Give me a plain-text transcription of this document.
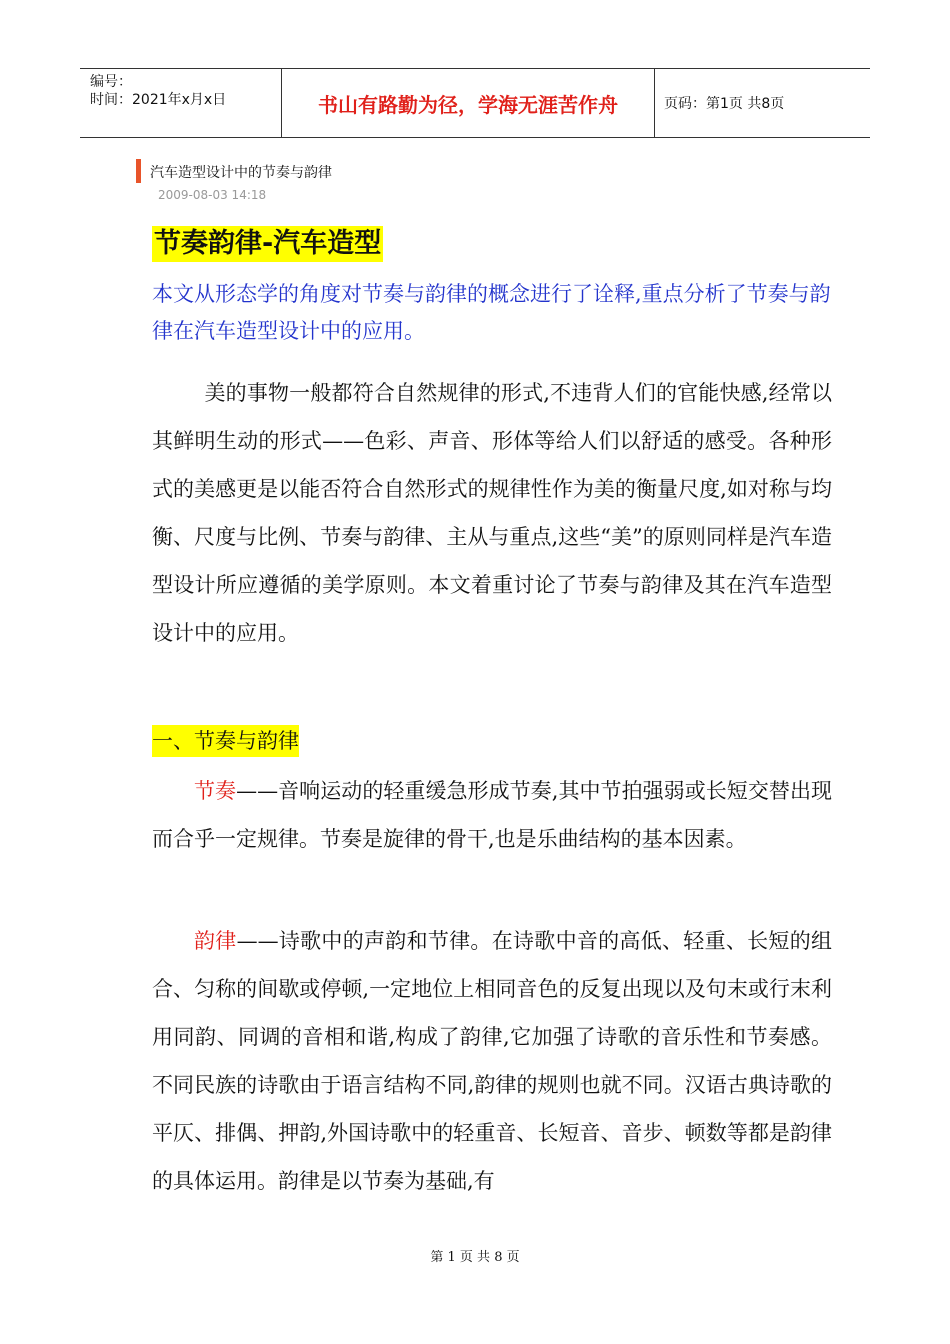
编号：
时间：2021年x月x日	书山有路勤为径，学海无涯苦作舟	页码：第1页 共8页
汽车造型设计中的节奏与韵律
2009-08-03 14:18
节奏韵律-汽车造型
本文从形态学的角度对节奏与韵律的概念进行了诠释,重点分析了节奏与韵律在汽车造型设计中的应用。
美的事物一般都符合自然规律的形式,不违背人们的官能快感,经常以其鲜明生动的形式——色彩、声音、形体等给人们以舒适的感受。各种形式的美感更是以能否符合自然形式的规律性作为美的衡量尺度,如对称与均衡、尺度与比例、节奏与韵律、主从与重点,这些“美”的原则同样是汽车造型设计所应遵循的美学原则。本文着重讨论了节奏与韵律及其在汽车造型设计中的应用。
一、节奏与韵律
节奏——音响运动的轻重缓急形成节奏,其中节拍强弱或长短交替出现而合乎一定规律。节奏是旋律的骨干,也是乐曲结构的基本因素。
韵律——诗歌中的声韵和节律。在诗歌中音的高低、轻重、长短的组合、匀称的间歇或停顿,一定地位上相同音色的反复出现以及句末或行末利用同韵、同调的音相和谐,构成了韵律,它加强了诗歌的音乐性和节奏感。不同民族的诗歌由于语言结构不同,韵律的规则也就不同。汉语古典诗歌的平仄、排偶、押韵,外国诗歌中的轻重音、长短音、音步、顿数等都是韵律的具体运用。韵律是以节奏为基础,有
第 1 页 共 8 页
